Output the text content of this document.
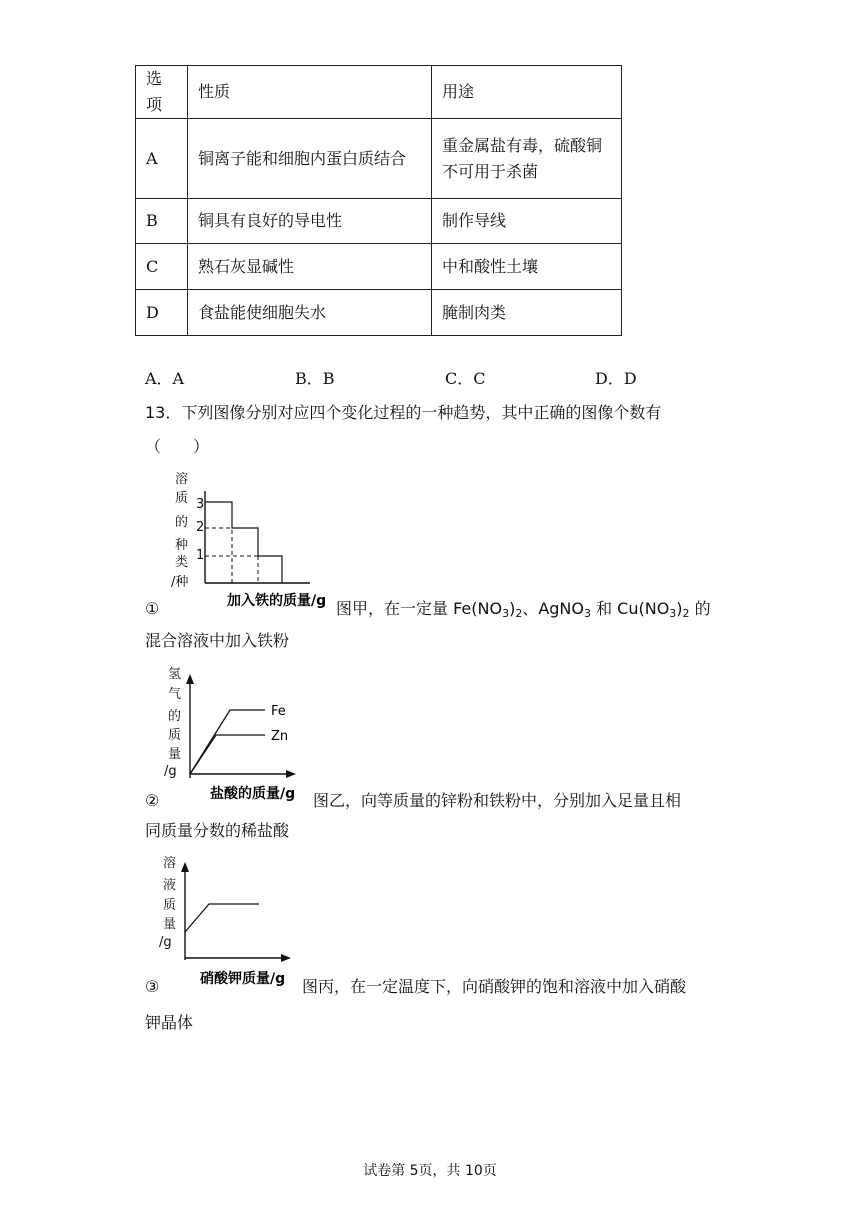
选项	性质	用途
A	铜离子能和细胞内蛋白质结合	重金属盐有毒，硫酸铜
不可用于杀菌

B	铜具有良好的导电性	制作导线
C	熟石灰显碱性	中和酸性土壤
D	食盐能使细胞失水	腌制肉类
A．A	B．B	C．C	D．D
13．下列图像分别对应四个变化过程的一种趋势，其中正确的图像个数有
（　　）
溶
质
的
种
类
/种
3
2
1
加入铁的质量/g
①	图甲，在一定量 $Fe(NO_3)_2$、AgNO$_3$ 和 $Cu(NO_3)_2$ 的
混合溶液中加入铁粉
氢
气
的
质
量
/g
Fe
Zn
盐酸的质量/g
②	图乙，向等质量的锌粉和铁粉中，分别加入足量且相
同质量分数的稀盐酸
溶
液
质
量
/g
硝酸钾质量/g
③	图丙，在一定温度下，向硝酸钾的饱和溶液中加入硝酸
钾晶体
试卷第 5页，共 10页
